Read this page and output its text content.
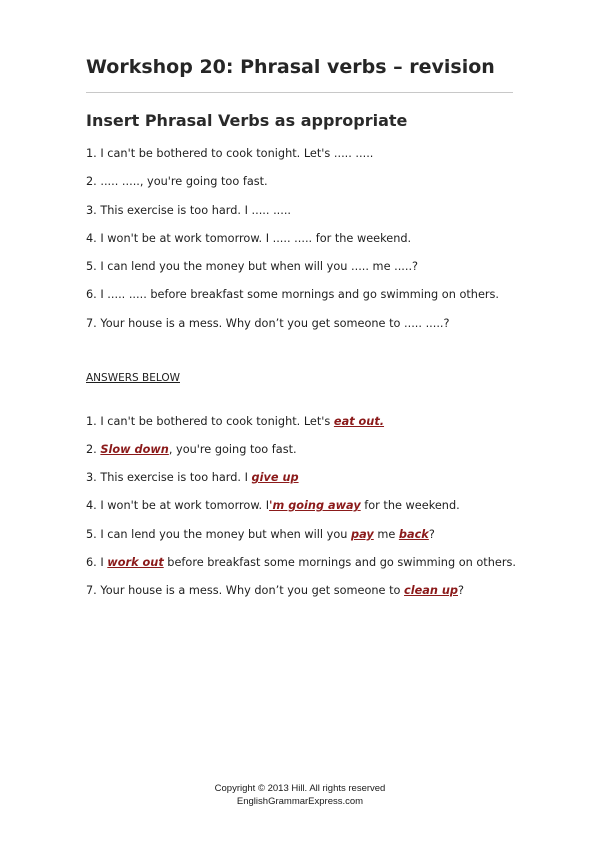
Workshop 20: Phrasal verbs – revision
Insert Phrasal Verbs as appropriate
1. I can't be bothered to cook tonight. Let's ..... .....
2. ..... ....., you're going too fast.
3. This exercise is too hard. I ..... .....
4. I won't be at work tomorrow. I ..... ..... for the weekend.
5. I can lend you the money but when will you ..... me .....?
6. I ..... ..... before breakfast some mornings and go swimming on others.
7. Your house is a mess. Why don’t you get someone to ..... .....?
ANSWERS BELOW
1. I can't be bothered to cook tonight. Let's eat out.
2. Slow down, you're going too fast.
3. This exercise is too hard. I give up
4. I won't be at work tomorrow. I'm going away for the weekend.
5. I can lend you the money but when will you pay me back?
6. I work out before breakfast some mornings and go swimming on others.
7. Your house is a mess. Why don’t you get someone to clean up?
Copyright © 2013 Hill. All rights reserved
EnglishGrammarExpress.com
